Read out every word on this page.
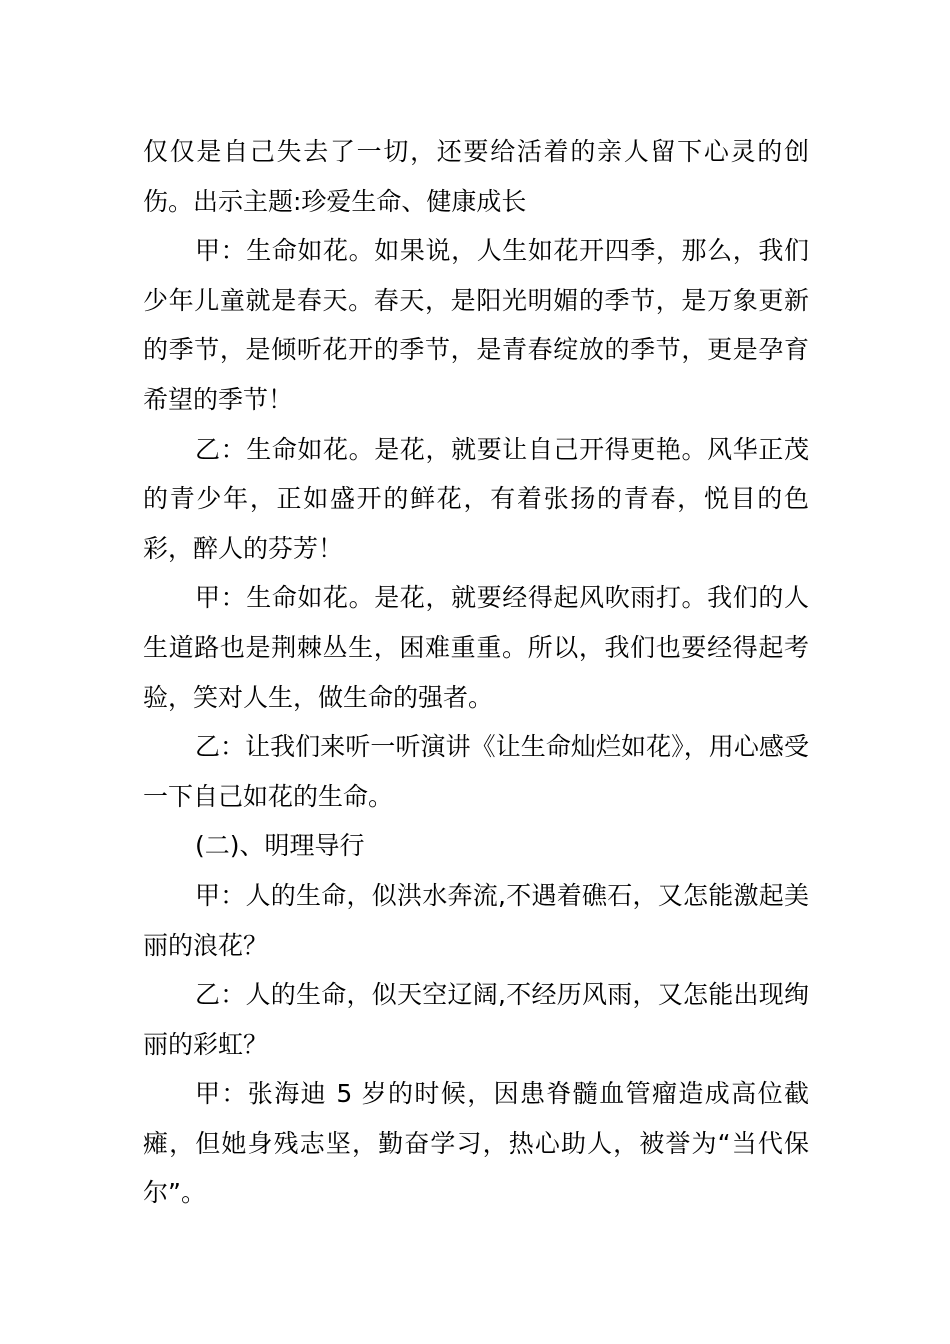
仅仅是自己失去了一切，还要给活着的亲人留下心灵的创伤。出示主题:珍爱生命、健康成长

甲：生命如花。如果说，人生如花开四季，那么，我们少年儿童就是春天。春天，是阳光明媚的季节，是万象更新的季节，是倾听花开的季节，是青春绽放的季节，更是孕育希望的季节！

乙：生命如花。是花，就要让自己开得更艳。风华正茂的青少年，正如盛开的鲜花，有着张扬的青春，悦目的色彩，醉人的芬芳！

甲：生命如花。是花，就要经得起风吹雨打。我们的人生道路也是荆棘丛生，困难重重。所以，我们也要经得起考验，笑对人生，做生命的强者。

乙：让我们来听一听演讲《让生命灿烂如花》，用心感受一下自己如花的生命。

(二)、明理导行

甲：人的生命，似洪水奔流,不遇着礁石，又怎能激起美丽的浪花？

乙：人的生命，似天空辽阔,不经历风雨，又怎能出现绚丽的彩虹？

甲：张海迪 5 岁的时候，因患脊髓血管瘤造成高位截瘫，但她身残志坚，勤奋学习，热心助人，被誉为“当代保尔”。
